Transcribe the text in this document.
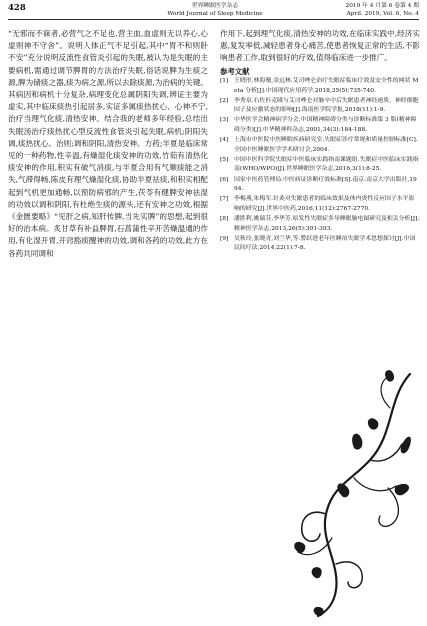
428	世界睡眠医学杂志
World Journal of Sleep Medicine
2019 年 4 月第 6 卷第 4 期
April. 2019, Vol. 6, No. 4

“无邪而不寐者,必营气之不足也,营主血,血虚则无以养心,心虚则神不守舍”。说明人体正气不足引起,其中“胃不和则卧不安”充分说明反流性食管炎引起的失眠,被认为是失眠的主要病机,需通过调节脾胃的方法治疗失眠,俗话说脾为生痰之源,脾为储痰之器,痰为病之源,所以去除痰源,为治病的关键。其病因和病机十分复杂,病理变化总属阴阳失调,辨证主要为虚实,其中临床痰热引起居多,实证多属痰热扰心、心神不宁,治疗当理气化痰,清热安神。结合我的老师多年经验,总结出失眠汤治疗痰热扰心型反流性食管炎引起失眠,病机;阴阳失调,痰热扰心。治则;调和阴阳,清热安神。方药;半夏是临床常见的一种药物,性辛温,有燥湿化痰安神的功效,竹茹有清热化痰安神的作用,积实有破气消痰,与半夏合用有气顺痰能之消失,气滞得畅,陈皮有理气燥湿化痰,协助半夏祛痰,和积实相配起到气机更加通畅,以预防病邪的产生,茯苓有健脾安神祛湿的功效以调和阴阳,有杜绝生痰的源头,还有安神之功效,根据《金匮要略》“见肝之病,知肝传脾,当先实脾”的思想,起到很好的治本病。炙甘草有补益脾胃,石菖蒲性辛开苦燥温通的作用,有化湿开胃,开窍豁痰醒神的功效,调和各药的功效,此方在各药共同调和

作用下,起到理气化痰,清热安神的功效,在临床实践中,经济实惠,复发率低,减轻患者身心痛苦,使患者恢复正常的生活,不影响患者工作,取到很好的疗效,值得临床进一步推广。

参考文献
[1] 王晓形,林海珊,金远林.艾司唑仑治疗失眠症临床疗效及安全性的网状 Meta 分析[J].中国现代应用药学,2018,35(5):735-740.
[2] 李秀泉.右佐匹克隆与艾司唑仑对脑卒中后失眠患者神经递质、神经细胞因子及应激状态的影响[J].海南医学院学报,2018(11):1-9.
[3] 中华医学会精神病学分会.中国精神障碍分类与诊断标准第 3 版(精神障碍分类)[J].中华精神科杂志,2001,34(3):184-188.
[4] 上海市中医院中医睡眠疾病研究室.失眠症诊疗常规和质量控制标准[C].全国中医睡眠医学学术研讨会,2004.
[5] 中国中医科学院失眠症中医临床实践指南课题组.失眠症中医临床实践指南(WHO/WPO)[J].世界睡眠医学杂志,2016,3(1):8-25.
[6] 国家中医药管理局.中医病证诊断疗效标准[S].南京:南京大学出版社,1994.
[7] 李梅燕,朱梅军.针灸对失眠患者的临床效果及体内炎性反应因子水平影响的研究[J].世界中医药,2016,11(12):2767-2770.
[8] 潘胜利,姚瑞芬,李华芳.原发性失眠症多导睡眠脑电图研究及相关分析[J].精神医学杂志,2013,26(5):391-393.
[9] 吴秋玲,张晓青,刘兰华,等.警跃进老年医睡治失眠学术思想探讨[J].中国民间疗法,2014,22(1):7-8.
